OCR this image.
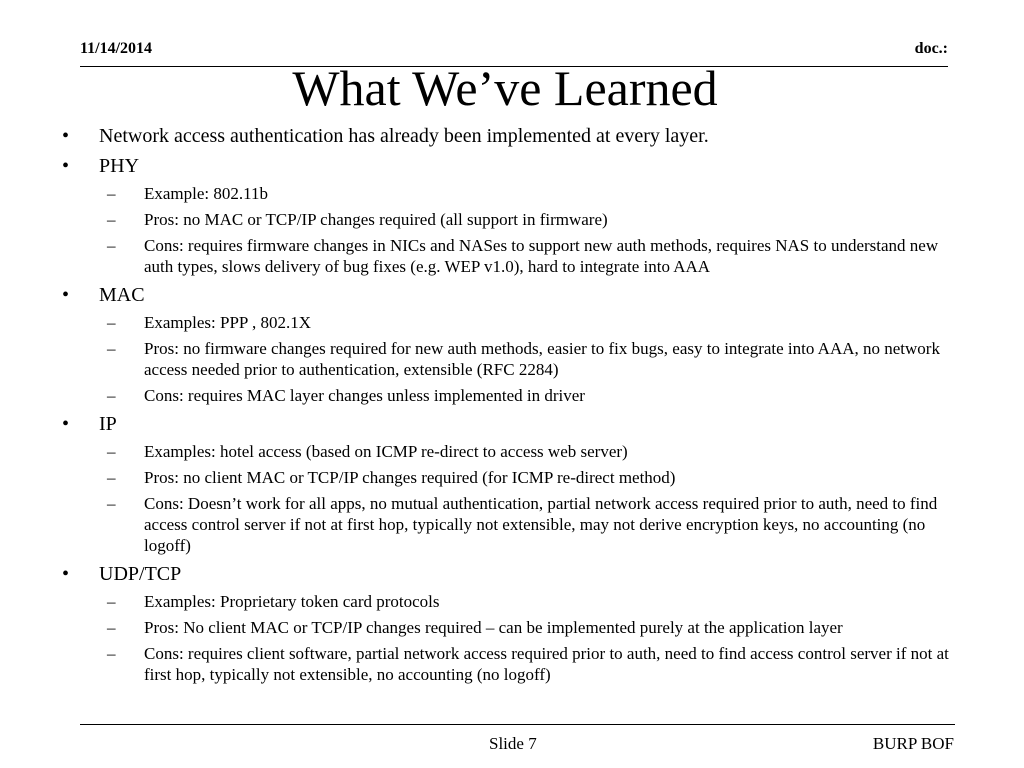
11/14/2014	doc.:
What We’ve Learned
• Network access authentication has already been implemented at every layer.
• PHY
– Example: 802.11b
– Pros: no MAC or TCP/IP changes required (all support in firmware)
– Cons: requires firmware changes in NICs and NASes to support new auth methods, requires NAS to understand new auth types, slows delivery of bug fixes (e.g. WEP v1.0), hard to integrate into AAA
• MAC
– Examples: PPP , 802.1X
– Pros: no firmware changes required for new auth methods, easier to fix bugs, easy to integrate into AAA, no network access needed prior to authentication, extensible (RFC 2284)
– Cons: requires MAC layer changes unless implemented in driver
• IP
– Examples: hotel access (based on ICMP re-direct to access web server)
– Pros: no client MAC or TCP/IP changes required (for ICMP re-direct method)
– Cons: Doesn’t work for all apps, no mutual authentication, partial network access required prior to auth, need to find access control server if not at first hop, typically not extensible, may not derive encryption keys, no accounting (no logoff)
• UDP/TCP
– Examples: Proprietary token card protocols
– Pros: No client MAC or TCP/IP changes required – can be implemented purely at the application layer
– Cons: requires client software, partial network access required prior to auth, need to find access control server if not at first hop, typically not extensible, no accounting (no logoff)
Slide 7	BURP BOF
